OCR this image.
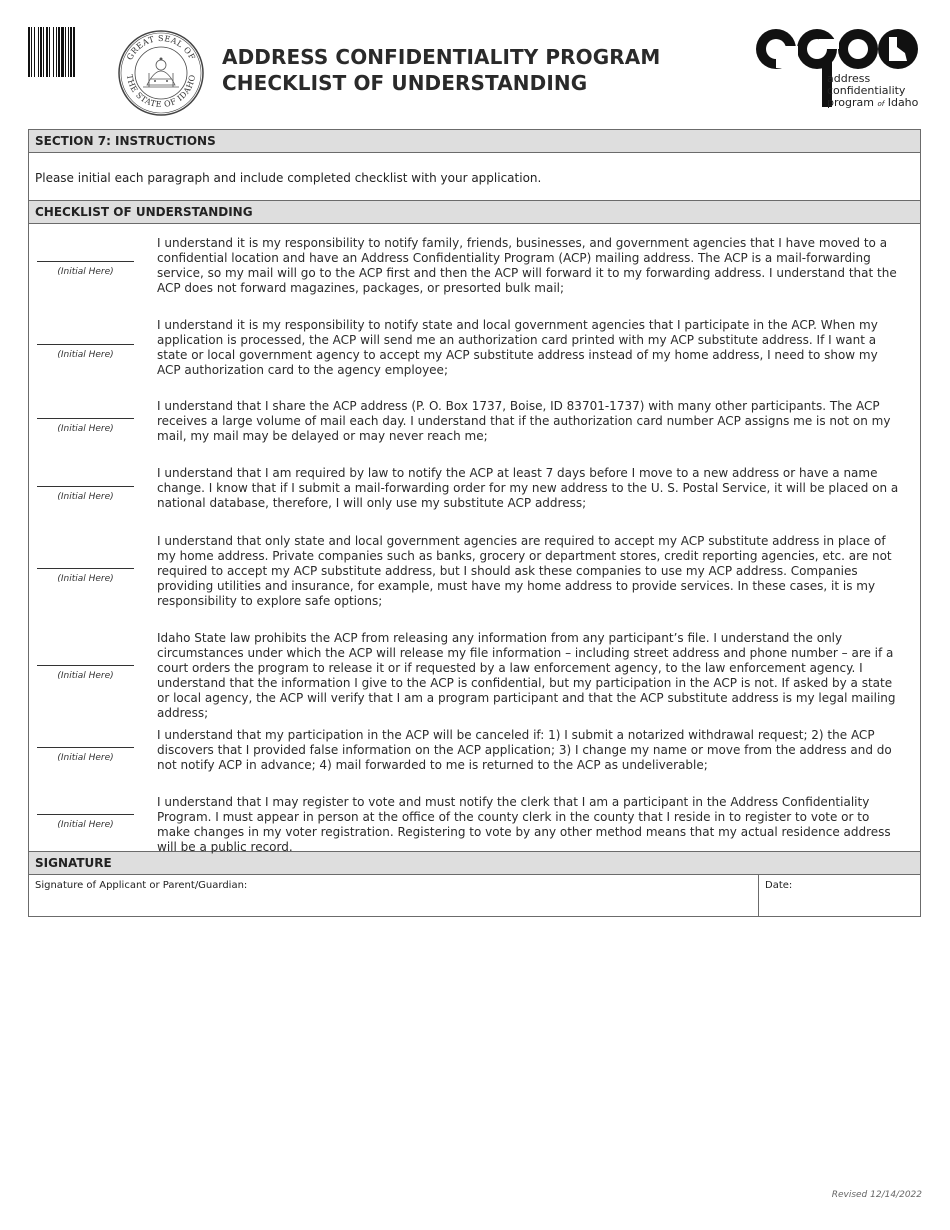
GREAT SEAL OF
THE STATE OF IDAHO
ADDRESS CONFIDENTIALITY PROGRAM
CHECKLIST OF UNDERSTANDING
acp
address
confidentiality
program of Idaho
SECTION 7: INSTRUCTIONS
Please initial each paragraph and include completed checklist with your application.
CHECKLIST OF UNDERSTANDING
(Initial Here)
I understand it is my responsibility to notify family, friends, businesses, and government agencies that I have moved to a confidential location and have an Address Confidentiality Program (ACP) mailing address. The ACP is a mail-forwarding service, so my mail will go to the ACP first and then the ACP will forward it to my forwarding address. I understand that the ACP does not forward magazines, packages, or presorted bulk mail;
(Initial Here)
I understand it is my responsibility to notify state and local government agencies that I participate in the ACP. When my application is processed, the ACP will send me an authorization card printed with my ACP substitute address. If I want a state or local government agency to accept my ACP substitute address instead of my home address, I need to show my ACP authorization card to the agency employee;
(Initial Here)
I understand that I share the ACP address (P. O. Box 1737, Boise, ID 83701-1737) with many other participants. The ACP receives a large volume of mail each day. I understand that if the authorization card number ACP assigns me is not on my mail, my mail may be delayed or may never reach me;
(Initial Here)
I understand that I am required by law to notify the ACP at least 7 days before I move to a new address or have a name change. I know that if I submit a mail-forwarding order for my new address to the U. S. Postal Service, it will be placed on a national database, therefore, I will only use my substitute ACP address;
(Initial Here)
I understand that only state and local government agencies are required to accept my ACP substitute address in place of my home address. Private companies such as banks, grocery or department stores, credit reporting agencies, etc. are not required to accept my ACP substitute address, but I should ask these companies to use my ACP address. Companies providing utilities and insurance, for example, must have my home address to provide services. In these cases, it is my responsibility to explore safe options;
(Initial Here)
Idaho State law prohibits the ACP from releasing any information from any participant’s file. I understand the only circumstances under which the ACP will release my file information – including street address and phone number – are if a court orders the program to release it or if requested by a law enforcement agency, to the law enforcement agency. I understand that the information I give to the ACP is confidential, but my participation in the ACP is not. If asked by a state or local agency, the ACP will verify that I am a program participant and that the ACP substitute address is my legal mailing address;
(Initial Here)
I understand that my participation in the ACP will be canceled if: 1) I submit a notarized withdrawal request; 2) the ACP discovers that I provided false information on the ACP application; 3) I change my name or move from the address and do not notify ACP in advance; 4) mail forwarded to me is returned to the ACP as undeliverable;
(Initial Here)
I understand that I may register to vote and must notify the clerk that I am a participant in the Address Confidentiality Program. I must appear in person at the office of the county clerk in the county that I reside in to register to vote or to make changes in my voter registration. Registering to vote by any other method means that my actual residence address will be a public record.
SIGNATURE
Signature of Applicant or Parent/Guardian:	Date:
Revised 12/14/2022
